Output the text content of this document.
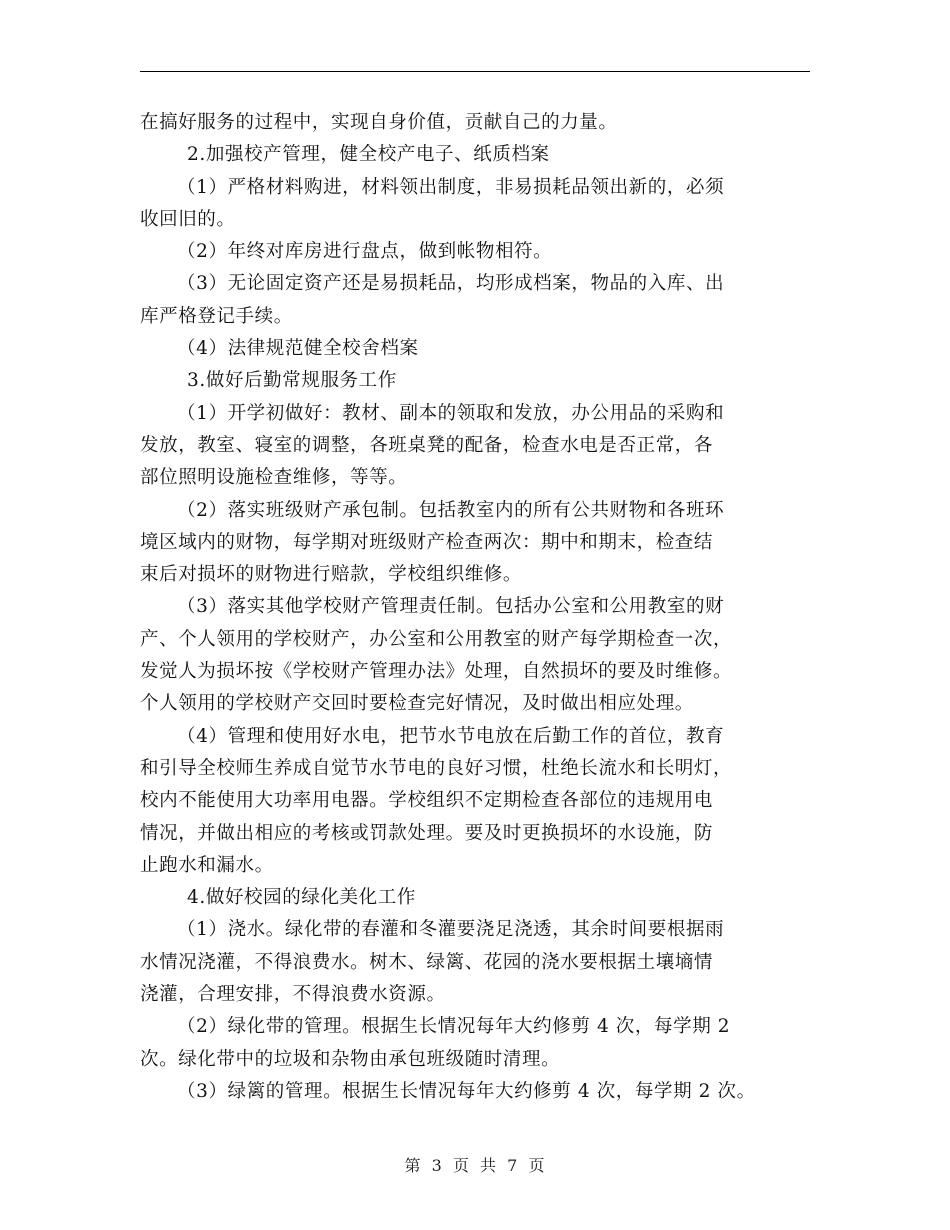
在搞好服务的过程中，实现自身价值，贡献自己的力量。
2.加强校产管理，健全校产电子、纸质档案
（1）严格材料购进，材料领出制度，非易损耗品领出新的，必须
收回旧的。
（2）年终对库房进行盘点，做到帐物相符。
（3）无论固定资产还是易损耗品，均形成档案，物品的入库、出
库严格登记手续。
（4）法律规范健全校舍档案
3.做好后勤常规服务工作
（1）开学初做好：教材、副本的领取和发放，办公用品的采购和
发放，教室、寝室的调整，各班桌凳的配备，检查水电是否正常，各
部位照明设施检查维修，等等。
（2）落实班级财产承包制。包括教室内的所有公共财物和各班环
境区域内的财物，每学期对班级财产检查两次：期中和期末，检查结
束后对损坏的财物进行赔款，学校组织维修。
（3）落实其他学校财产管理责任制。包括办公室和公用教室的财
产、个人领用的学校财产，办公室和公用教室的财产每学期检查一次，
发觉人为损坏按《学校财产管理办法》处理，自然损坏的要及时维修。
个人领用的学校财产交回时要检查完好情况，及时做出相应处理。
（4）管理和使用好水电，把节水节电放在后勤工作的首位，教育
和引导全校师生养成自觉节水节电的良好习惯，杜绝长流水和长明灯，
校内不能使用大功率用电器。学校组织不定期检查各部位的违规用电
情况，并做出相应的考核或罚款处理。要及时更换损坏的水设施，防
止跑水和漏水。
4.做好校园的绿化美化工作
（1）浇水。绿化带的春灌和冬灌要浇足浇透，其余时间要根据雨
水情况浇灌，不得浪费水。树木、绿篱、花园的浇水要根据土壤墒情
浇灌，合理安排，不得浪费水资源。
（2）绿化带的管理。根据生长情况每年大约修剪 4 次，每学期 2
次。绿化带中的垃圾和杂物由承包班级随时清理。
（3）绿篱的管理。根据生长情况每年大约修剪 4 次，每学期 2 次。
第 3 页 共 7 页
